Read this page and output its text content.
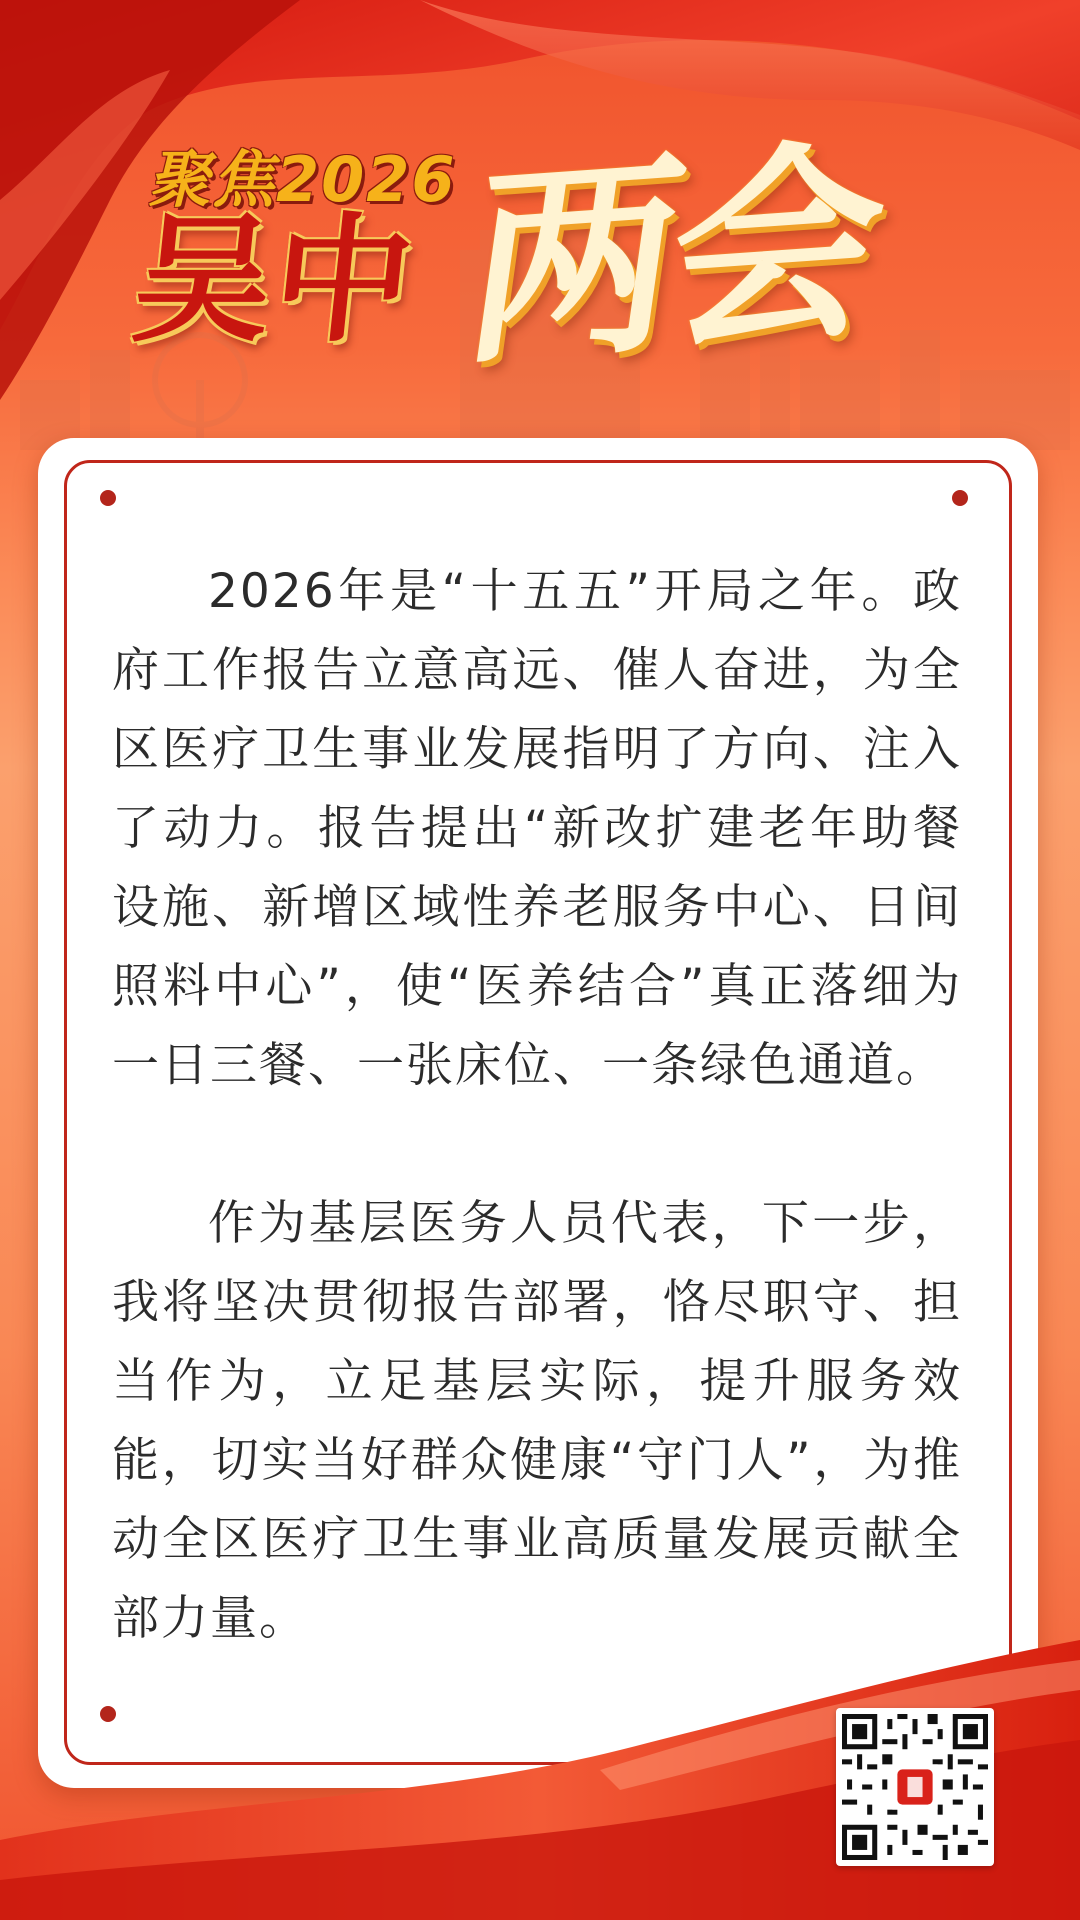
聚焦2026
吴中 两会

2026年是“十五五”开局之年。政府工作报告立意高远、催人奋进，为全区医疗卫生事业发展指明了方向、注入了动力。报告提出“新改扩建老年助餐设施、新增区域性养老服务中心、日间照料中心”，使“医养结合”真正落细为一日三餐、一张床位、一条绿色通道。

作为基层医务人员代表，下一步，我将坚决贯彻报告部署，恪尽职守、担当作为，立足基层实际，提升服务效能，切实当好群众健康“守门人”，为推动全区医疗卫生事业高质量发展贡献全部力量。
